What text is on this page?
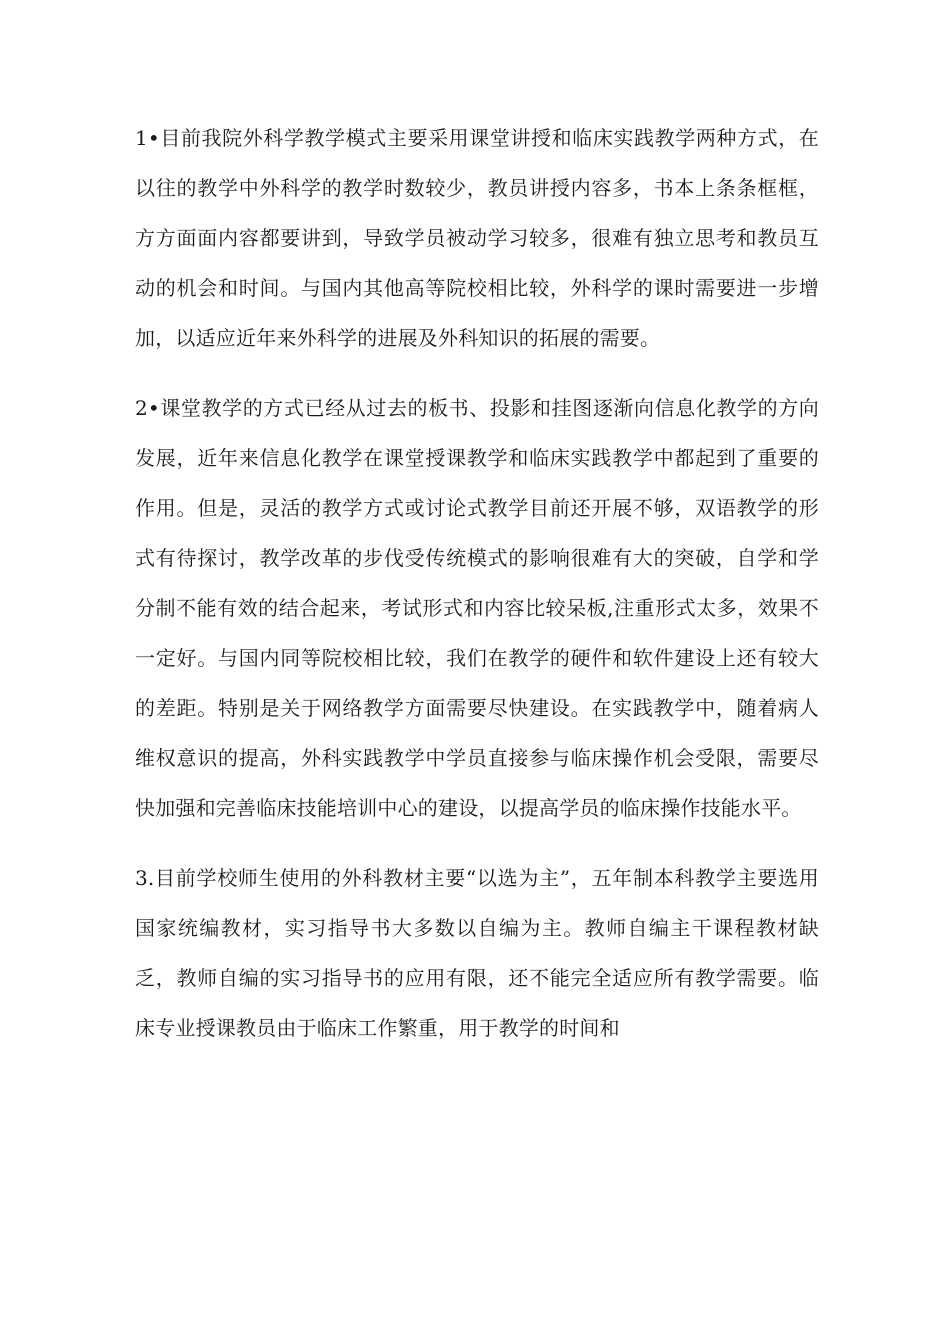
1•目前我院外科学教学模式主要采用课堂讲授和临床实践教学两种方式，在以往的教学中外科学的教学时数较少，教员讲授内容多，书本上条条框框，方方面面内容都要讲到，导致学员被动学习较多，很难有独立思考和教员互动的机会和时间。与国内其他高等院校相比较，外科学的课时需要进一步增加，以适应近年来外科学的进展及外科知识的拓展的需要。

2•课堂教学的方式已经从过去的板书、投影和挂图逐渐向信息化教学的方向发展，近年来信息化教学在课堂授课教学和临床实践教学中都起到了重要的作用。但是，灵活的教学方式或讨论式教学目前还开展不够，双语教学的形式有待探讨，教学改革的步伐受传统模式的影响很难有大的突破，自学和学分制不能有效的结合起来，考试形式和内容比较呆板,注重形式太多，效果不一定好。与国内同等院校相比较，我们在教学的硬件和软件建设上还有较大的差距。特别是关于网络教学方面需要尽快建设。在实践教学中，随着病人维权意识的提高，外科实践教学中学员直接参与临床操作机会受限，需要尽快加强和完善临床技能培训中心的建设，以提高学员的临床操作技能水平。

3.目前学校师生使用的外科教材主要“以选为主”，五年制本科教学主要选用国家统编教材，实习指导书大多数以自编为主。教师自编主干课程教材缺乏，教师自编的实习指导书的应用有限，还不能完全适应所有教学需要。临床专业授课教员由于临床工作繁重，用于教学的时间和
